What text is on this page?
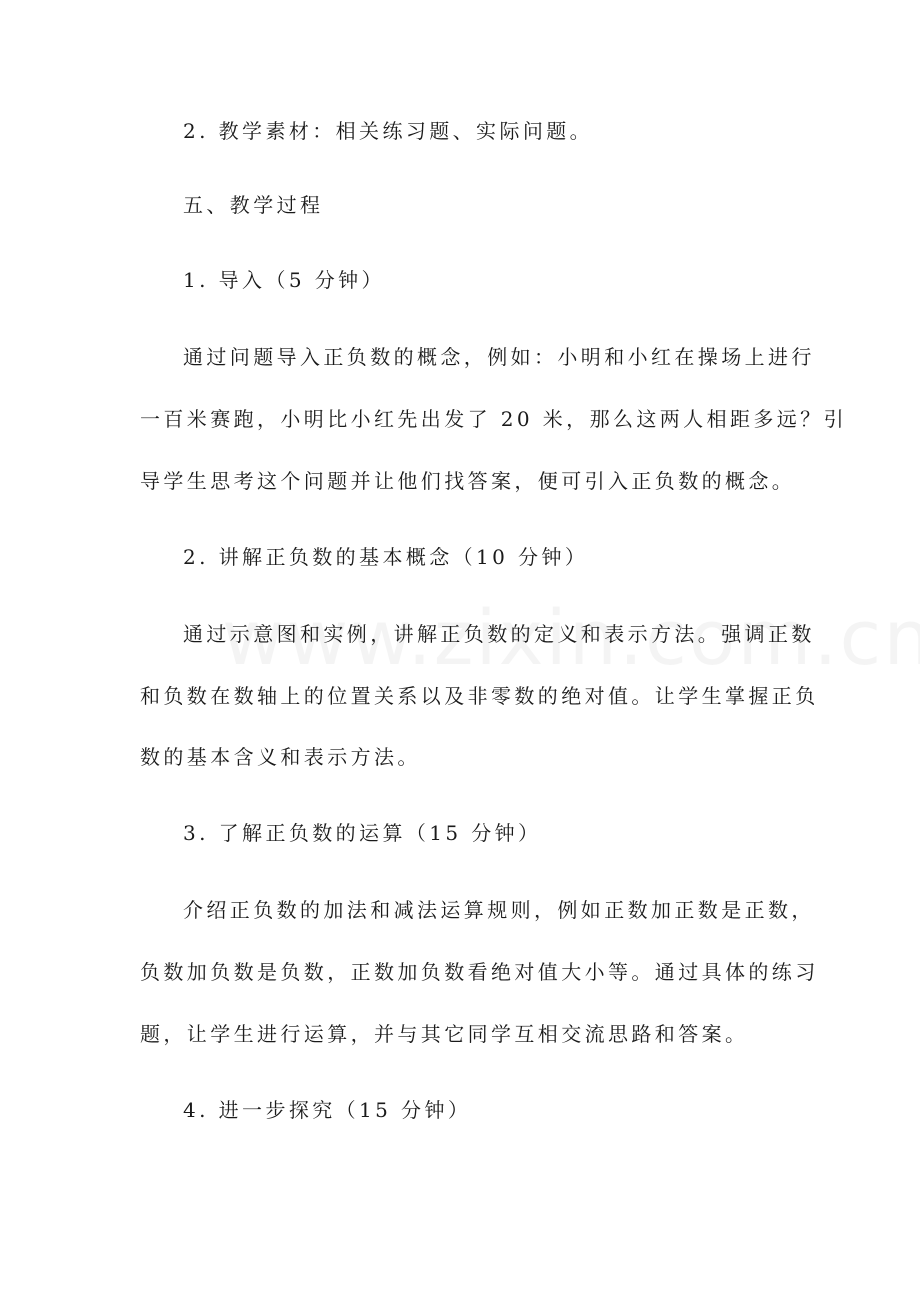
2. 教学素材：相关练习题、实际问题。
五、教学过程
1. 导入（5 分钟）
通过问题导入正负数的概念，例如：小明和小红在操场上进行
一百米赛跑，小明比小红先出发了 20 米，那么这两人相距多远？引
导学生思考这个问题并让他们找答案，便可引入正负数的概念。
2. 讲解正负数的基本概念（10 分钟）
通过示意图和实例，讲解正负数的定义和表示方法。强调正数
和负数在数轴上的位置关系以及非零数的绝对值。让学生掌握正负
数的基本含义和表示方法。
3. 了解正负数的运算（15 分钟）
介绍正负数的加法和减法运算规则，例如正数加正数是正数，
负数加负数是负数，正数加负数看绝对值大小等。通过具体的练习
题，让学生进行运算，并与其它同学互相交流思路和答案。
4. 进一步探究（15 分钟）
